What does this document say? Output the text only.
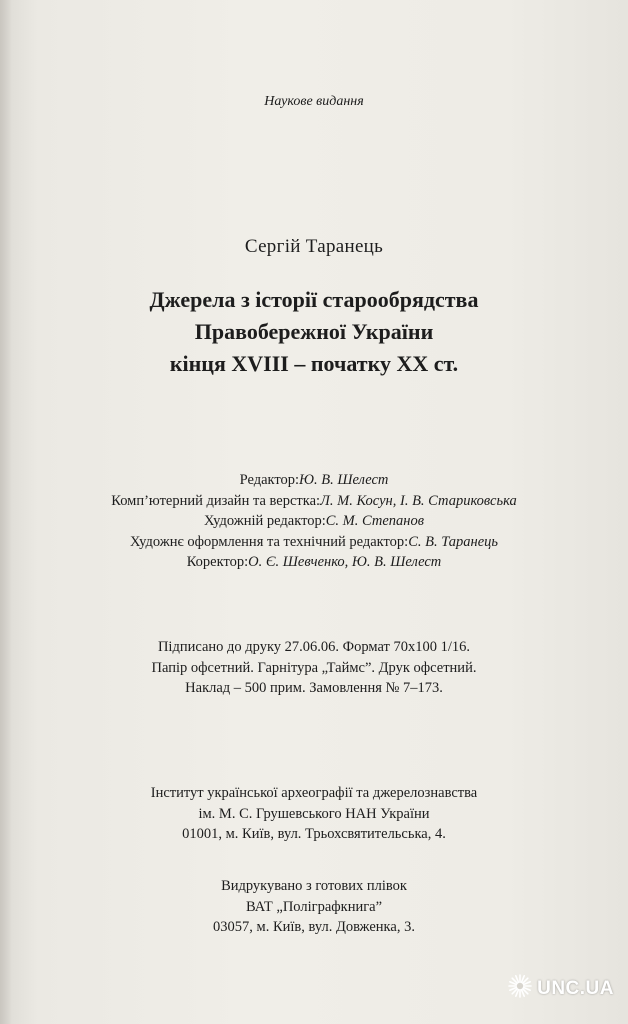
Наукове видання
Сергій Таранець
Джерела з історії старообрядства
Правобережної України
кінця XVIII – початку XX ст.
Редактор: Ю. В. Шелест
Комп’ютерний дизайн та верстка: Л. М. Косун, І. В. Стариковська
Художній редактор: С. М. Степанов
Художнє оформлення та технічний редактор: С. В. Таранець
Коректор: О. Є. Шевченко, Ю. В. Шелест
Підписано до друку 27.06.06. Формат 70х100 1/16.
Папір офсетний. Гарнітура „Таймс”. Друк офсетний.
Наклад – 500 прим. Замовлення № 7–173.
Інститут української археографії та джерелознавства
ім. М. С. Грушевського НАН України
01001, м. Київ, вул. Трьохсвятительська, 4.
Видрукувано з готових плівок
ВАТ „Поліграфкнига”
03057, м. Київ, вул. Довженка, 3.
UNC.UA
